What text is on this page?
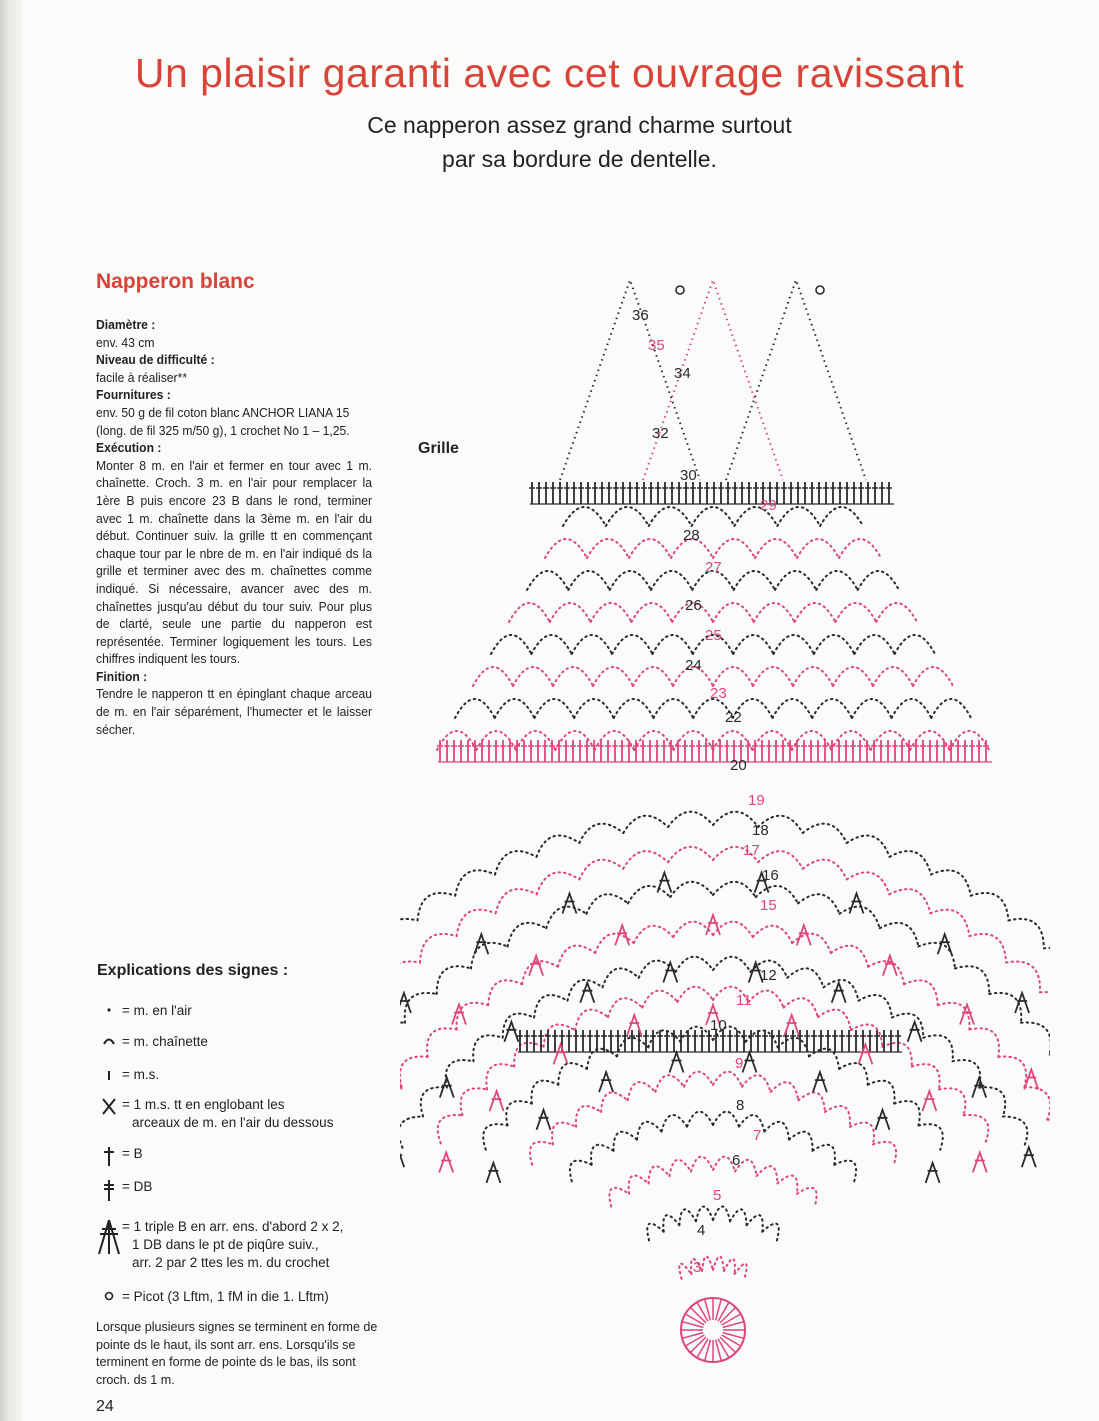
Un plaisir garanti avec cet ouvrage ravissant
Ce napperon assez grand charme surtout
par sa bordure de dentelle.
Napperon blanc
Diamètre :
env. 43 cm
Niveau de difficulté :
facile à réaliser**
Fournitures :
env. 50 g de fil coton blanc ANCHOR LIANA 15 (long. de fil 325 m/50 g), 1 crochet No 1 – 1,25.
Exécution :
Monter 8 m. en l'air et fermer en tour avec 1 m. chaînette. Croch. 3 m. en l'air pour remplacer la 1ère B puis encore 23 B dans le rond, terminer avec 1 m. chaînette dans la 3ème m. en l'air du début. Continuer suiv. la grille tt en commençant chaque tour par le nbre de m. en l'air indiqué ds la grille et terminer avec des m. chaînettes comme indiqué. Si nécessaire, avancer avec des m. chaînettes jusqu'au début du tour suiv. Pour plus de clarté, seule une partie du napperon est représentée. Terminer logiquement les tours. Les chiffres indiquent les tours.
Finition :
Tendre le napperon tt en épinglant chaque arceau de m. en l'air séparément, l'humecter et le laisser sécher.
Grille
3
4
5
6
7
8
9
10
11
12
15
16
17
18
19
20
22
23
24
25
26
27
28
29
30
32
34
35
36
Explications des signes :
= m. en l'air
= m. chaînette
= m.s.
= 1 m.s. tt en englobant les
arceaux de m. en l'air du dessous
= B
= DB
= 1 triple B en arr. ens. d'abord 2 x 2,
1 DB dans le pt de piqûre suiv.,
arr. 2 par 2 ttes les m. du crochet
= Picot (3 Lftm, 1 fM in die 1. Lftm)
Lorsque plusieurs signes se terminent en forme de pointe ds le haut, ils sont arr. ens. Lorsqu'ils se terminent en forme de pointe ds le bas, ils sont croch. ds 1 m.
24
